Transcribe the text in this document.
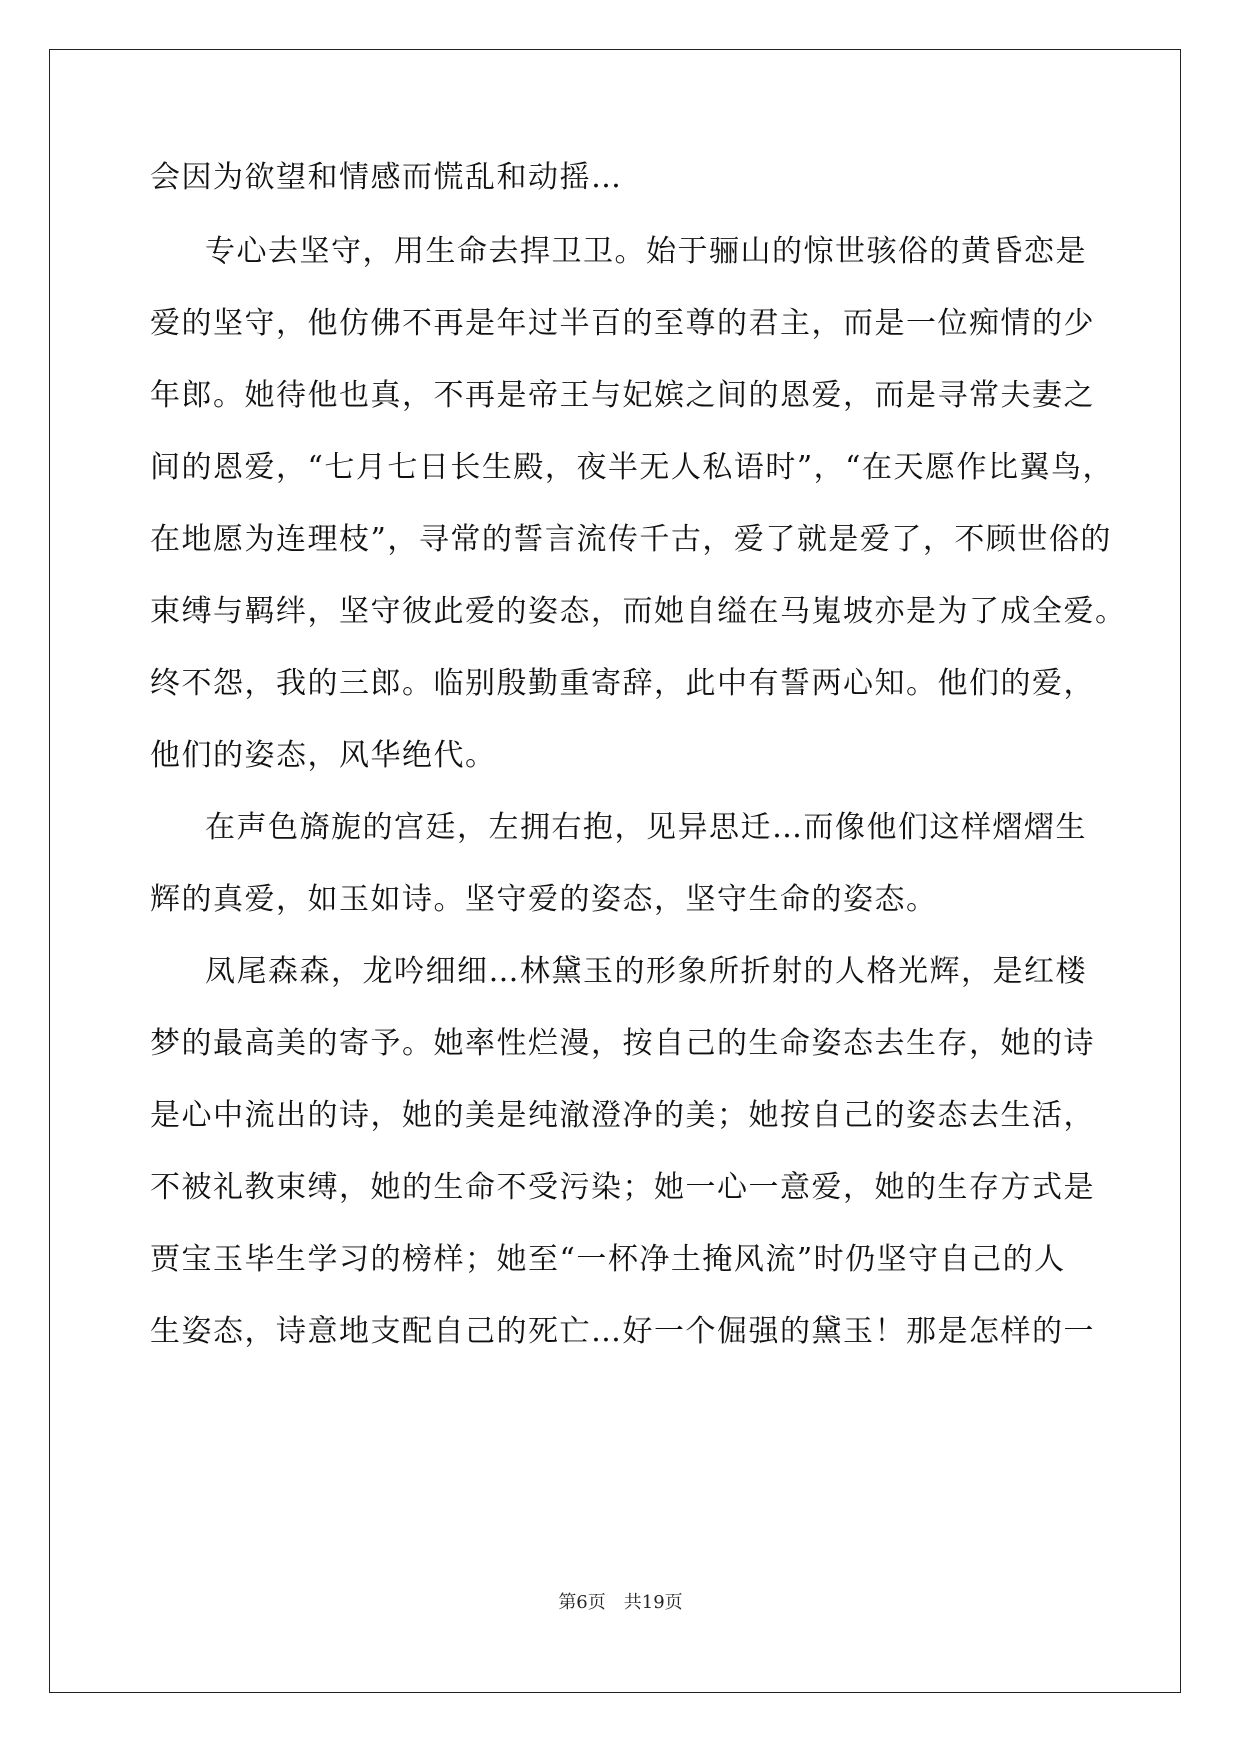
会因为欲望和情感而慌乱和动摇…
专心去坚守，用生命去捍卫卫。始于骊山的惊世骇俗的黄昏恋是
爱的坚守，他仿佛不再是年过半百的至尊的君主，而是一位痴情的少
年郎。她待他也真，不再是帝王与妃嫔之间的恩爱，而是寻常夫妻之
间的恩爱，“七月七日长生殿，夜半无人私语时”，“在天愿作比翼鸟，
在地愿为连理枝”，寻常的誓言流传千古，爱了就是爱了，不顾世俗的
束缚与羁绊，坚守彼此爱的姿态，而她自缢在马嵬坡亦是为了成全爱。
终不怨，我的三郎。临别殷勤重寄辞，此中有誓两心知。他们的爱，
他们的姿态，风华绝代。
在声色旖旎的宫廷，左拥右抱，见异思迁…而像他们这样熠熠生
辉的真爱，如玉如诗。坚守爱的姿态，坚守生命的姿态。
凤尾森森，龙吟细细…林黛玉的形象所折射的人格光辉，是红楼
梦的最高美的寄予。她率性烂漫，按自己的生命姿态去生存，她的诗
是心中流出的诗，她的美是纯澈澄净的美；她按自己的姿态去生活，
不被礼教束缚，她的生命不受污染；她一心一意爱，她的生存方式是
贾宝玉毕生学习的榜样；她至“一杯净土掩风流”时仍坚守自己的人
生姿态，诗意地支配自己的死亡…好一个倔强的黛玉！那是怎样的一
第6页　共19页
